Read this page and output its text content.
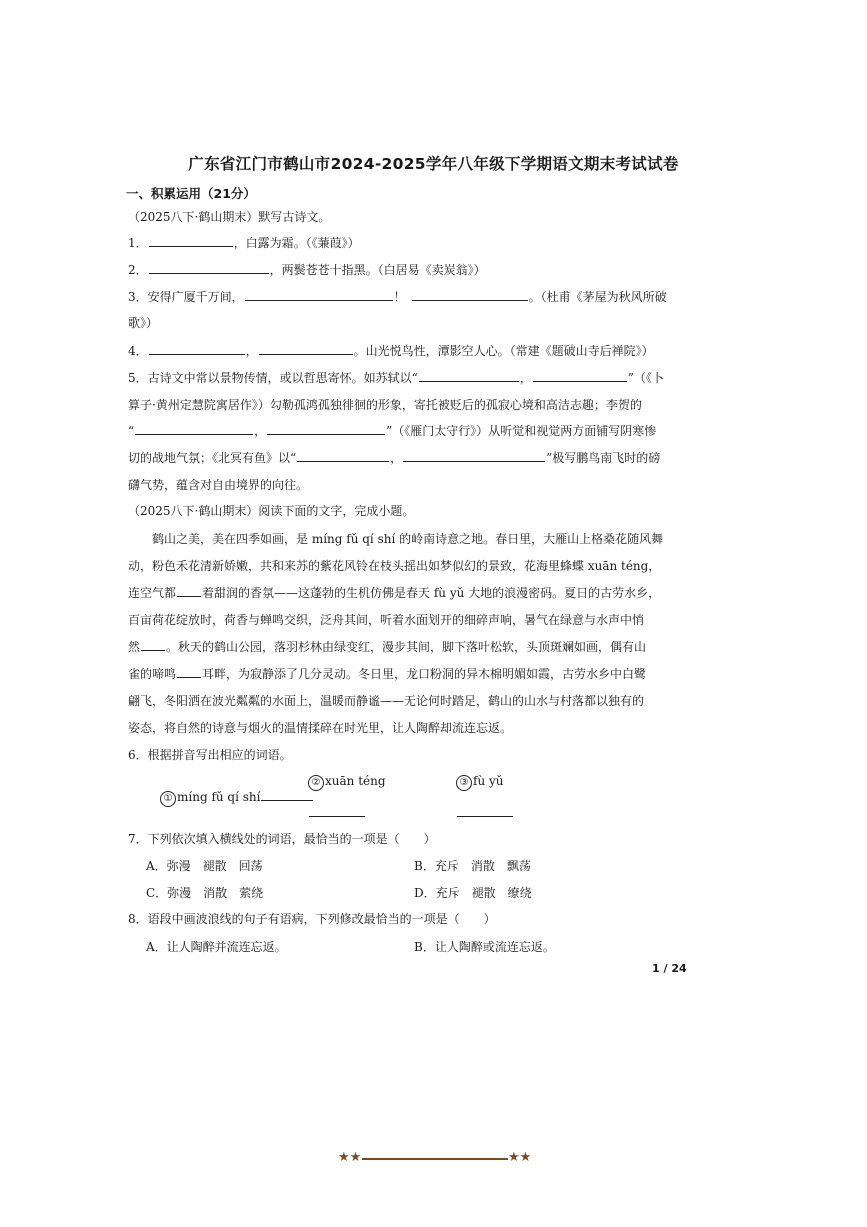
广东省江门市鹤山市2024-2025学年八年级下学期语文期末考试试卷
一、积累运用（21分）
（2025八下·鹤山期末）默写古诗文。
1．	，白露为霜。（《蒹葭》）
2．	，两鬓苍苍十指黑。（白居易《卖炭翁》）
3．安得广厦千万间，	！	。（杜甫《茅屋为秋风所破
歌》）
4．	，	。山光悦鸟性，潭影空人心。（常建《题破山寺后禅院》）
5．古诗文中常以景物传情，或以哲思寄怀。如苏轼以“	，	”（《卜
算子·黄州定慧院寓居作》）勾勒孤鸿孤独徘徊的形象，寄托被贬后的孤寂心境和高洁志趣；李贺的
“	，	”（《雁门太守行》）从听觉和视觉两方面铺写阴寒惨
切的战地气氛；《北冥有鱼》以“	，	”极写鹏鸟南飞时的磅
礴气势，蕴含对自由境界的向往。
（2025八下·鹤山期末）阅读下面的文字，完成小题。
鹤山之美，美在四季如画，是 míng fǔ qí shí 的岭南诗意之地。春日里，大雁山上格桑花随风舞
动，粉色禾花清新娇嫩，共和来苏的紫花风铃在枝头摇出如梦似幻的景致，花海里蜂蝶 xuān téng，
连空气都 着甜润的香氛——这蓬勃的生机仿佛是春天 fù yǔ 大地的浪漫密码。夏日的古劳水乡，
百亩荷花绽放时，荷香与蝉鸣交织，泛舟其间，听着水面划开的细碎声响，暑气在绿意与水声中悄
然 。秋天的鹤山公园，落羽杉林由绿变红，漫步其间，脚下落叶松软，头顶斑斓如画，偶有山
雀的啼鸣 耳畔，为寂静添了几分灵动。冬日里，龙口粉洞的异木棉明媚如霞，古劳水乡中白鹭
翩飞，冬阳洒在波光粼粼的水面上，温暖而静谧——无论何时踏足，鹤山的山水与村落都以独有的
姿态，将自然的诗意与烟火的温情揉碎在时光里，让人陶醉却流连忘返。
6．根据拼音写出相应的词语。
① míng fǔ qí shí
② xuān téng	③ fù yǔ
7．下列依次填入横线处的词语，最恰当的一项是（　　）
A．弥漫　褪散　回荡	B．充斥　消散　飘荡
C．弥漫　消散　萦绕	D．充斥　褪散　缭绕
8．语段中画波浪线的句子有语病，下列修改最恰当的一项是（　　）
A．让人陶醉并流连忘返。	B．让人陶醉或流连忘返。
1 / 24
★★	★★
